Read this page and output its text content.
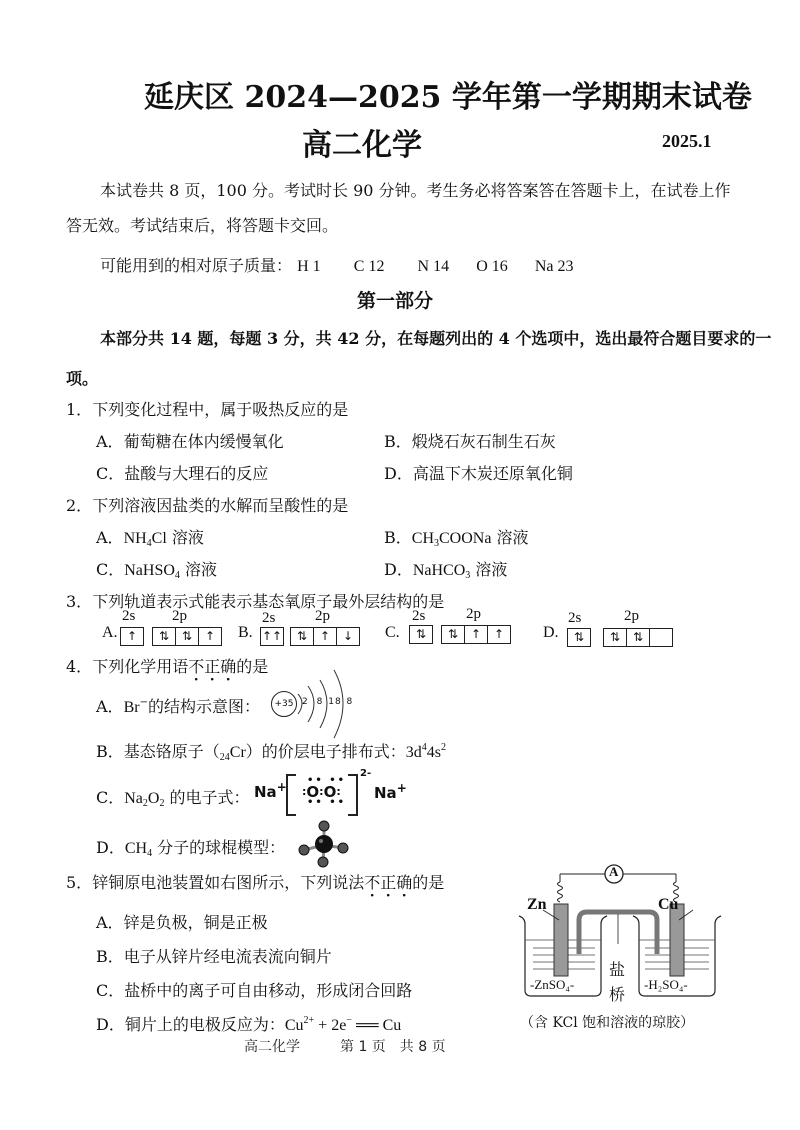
延庆区 2024—2025 学年第一学期期末试卷
高二化学	2025.1
本试卷共 8 页，100 分。考试时长 90 分钟。考生务必将答案答在答题卡上，在试卷上作
答无效。考试结束后，将答题卡交回。
可能用到的相对原子质量： H 1 C 12 N 14 O 16 Na 23
第一部分
本部分共 14 题，每题 3 分，共 42 分，在每题列出的 4 个选项中，选出最符合题目要求的一
项。
1．下列变化过程中，属于吸热反应的是
A．葡萄糖在体内缓慢氧化	B．煅烧石灰石制生石灰
C．盐酸与大理石的反应	D．高温下木炭还原氧化铜
2．下列溶液因盐类的水解而呈酸性的是
A．$NH_4Cl$ 溶液	B．$CH_3COONa$ 溶液
C．NaHSO$_4$ 溶液	D．NaHCO$_3$ 溶液
3．下列轨道表示式能表示基态氧原子最外层结构的是
A.
2s 2p
↑	⇅	⇅	↑	B.
2s	2p
↑↑	⇅	↑	↓	C.
2s	2p
⇅	⇅	↑	↑	D.
2s	2p
⇅	⇅	⇅
4．下列化学用语不正确的是
A．Br−的结构示意图：	+35 2 8 18 8
B．基态铬原子$(_{24}Cr)$的价层电子排布式：$3d^44s^2$
C．$Na_2O_2$ 的电子式： Na+ :O:O:
•• ••
•• ••
2-
Na+
D．$CH_4$ 分子的球棍模型：
5．锌铜原电池装置如右图所示，下列说法不正确的是
A．锌是负极，铜是正极
B．电子从锌片经电流表流向铜片
C．盐桥中的离子可自由移动，形成闭合回路
D．铜片上的电极反应为：$Cu^{2+} + 2e^-$ ══ Cu
A
Zn	Cu
盐
桥
-ZnSO₄-	-H₂SO₄-
（含 KCl 饱和溶液的琼胶）
高二化学	第 1 页　共 8 页
